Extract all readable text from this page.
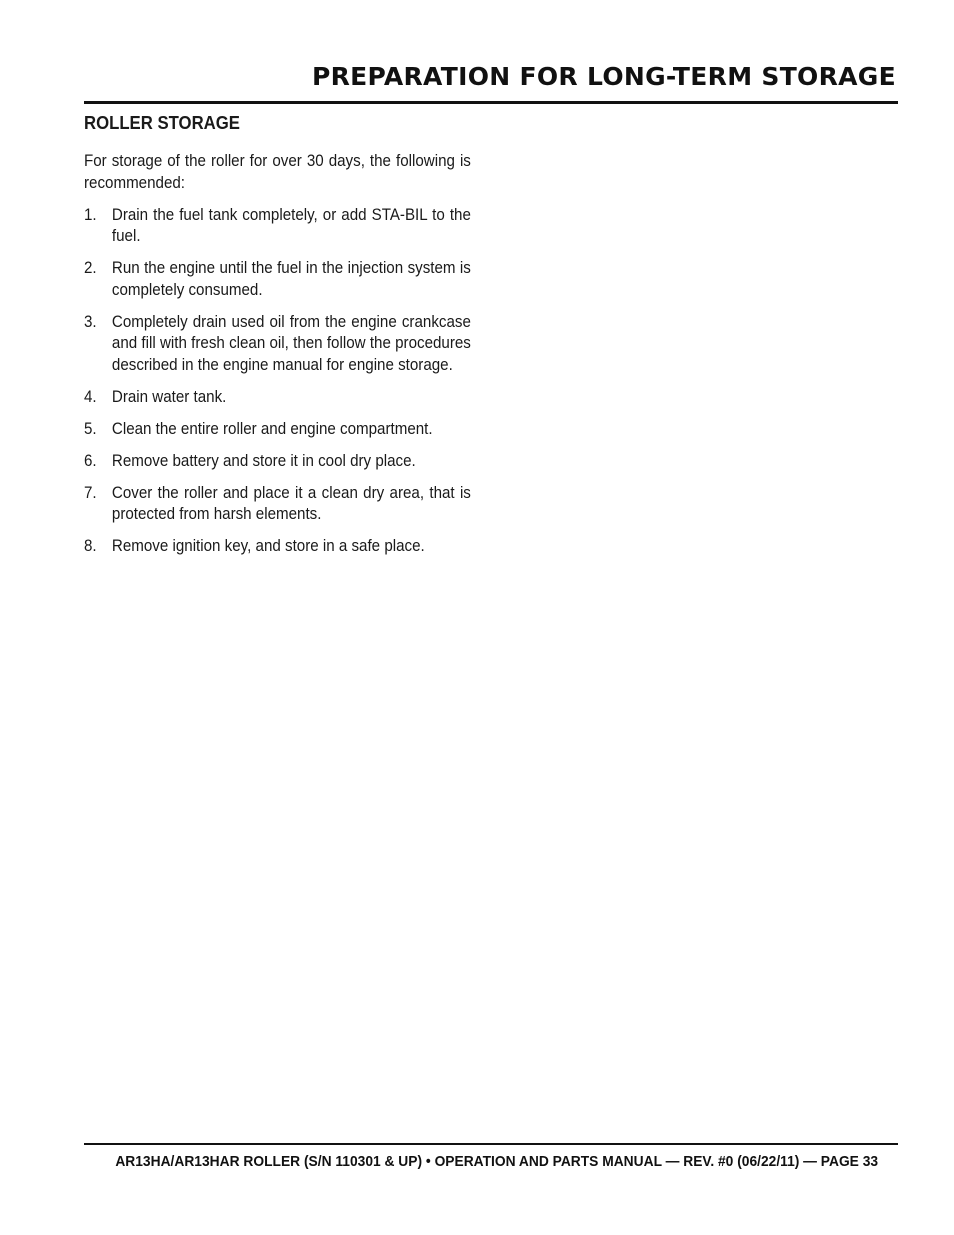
PREPARATION FOR LONG-TERM STORAGE
ROLLER STORAGE

For storage of the roller for over 30 days, the following is recommended:

1. Drain the fuel tank completely, or add STA-BIL to the fuel.
2. Run the engine until the fuel in the injection system is completely consumed.
3. Completely drain used oil from the engine crankcase and fill with fresh clean oil, then follow the procedures described in the engine manual for engine storage.
4. Drain water tank.
5. Clean the entire roller and engine compartment.
6. Remove battery and store it in cool dry place.
7. Cover the roller and place it a clean dry area, that is protected from harsh elements.
8. Remove ignition key, and store in a safe place.

AR13HA/AR13HAR ROLLER (S/N 110301 & UP) • OPERATION AND PARTS MANUAL — REV. #0 (06/22/11) — PAGE 33
